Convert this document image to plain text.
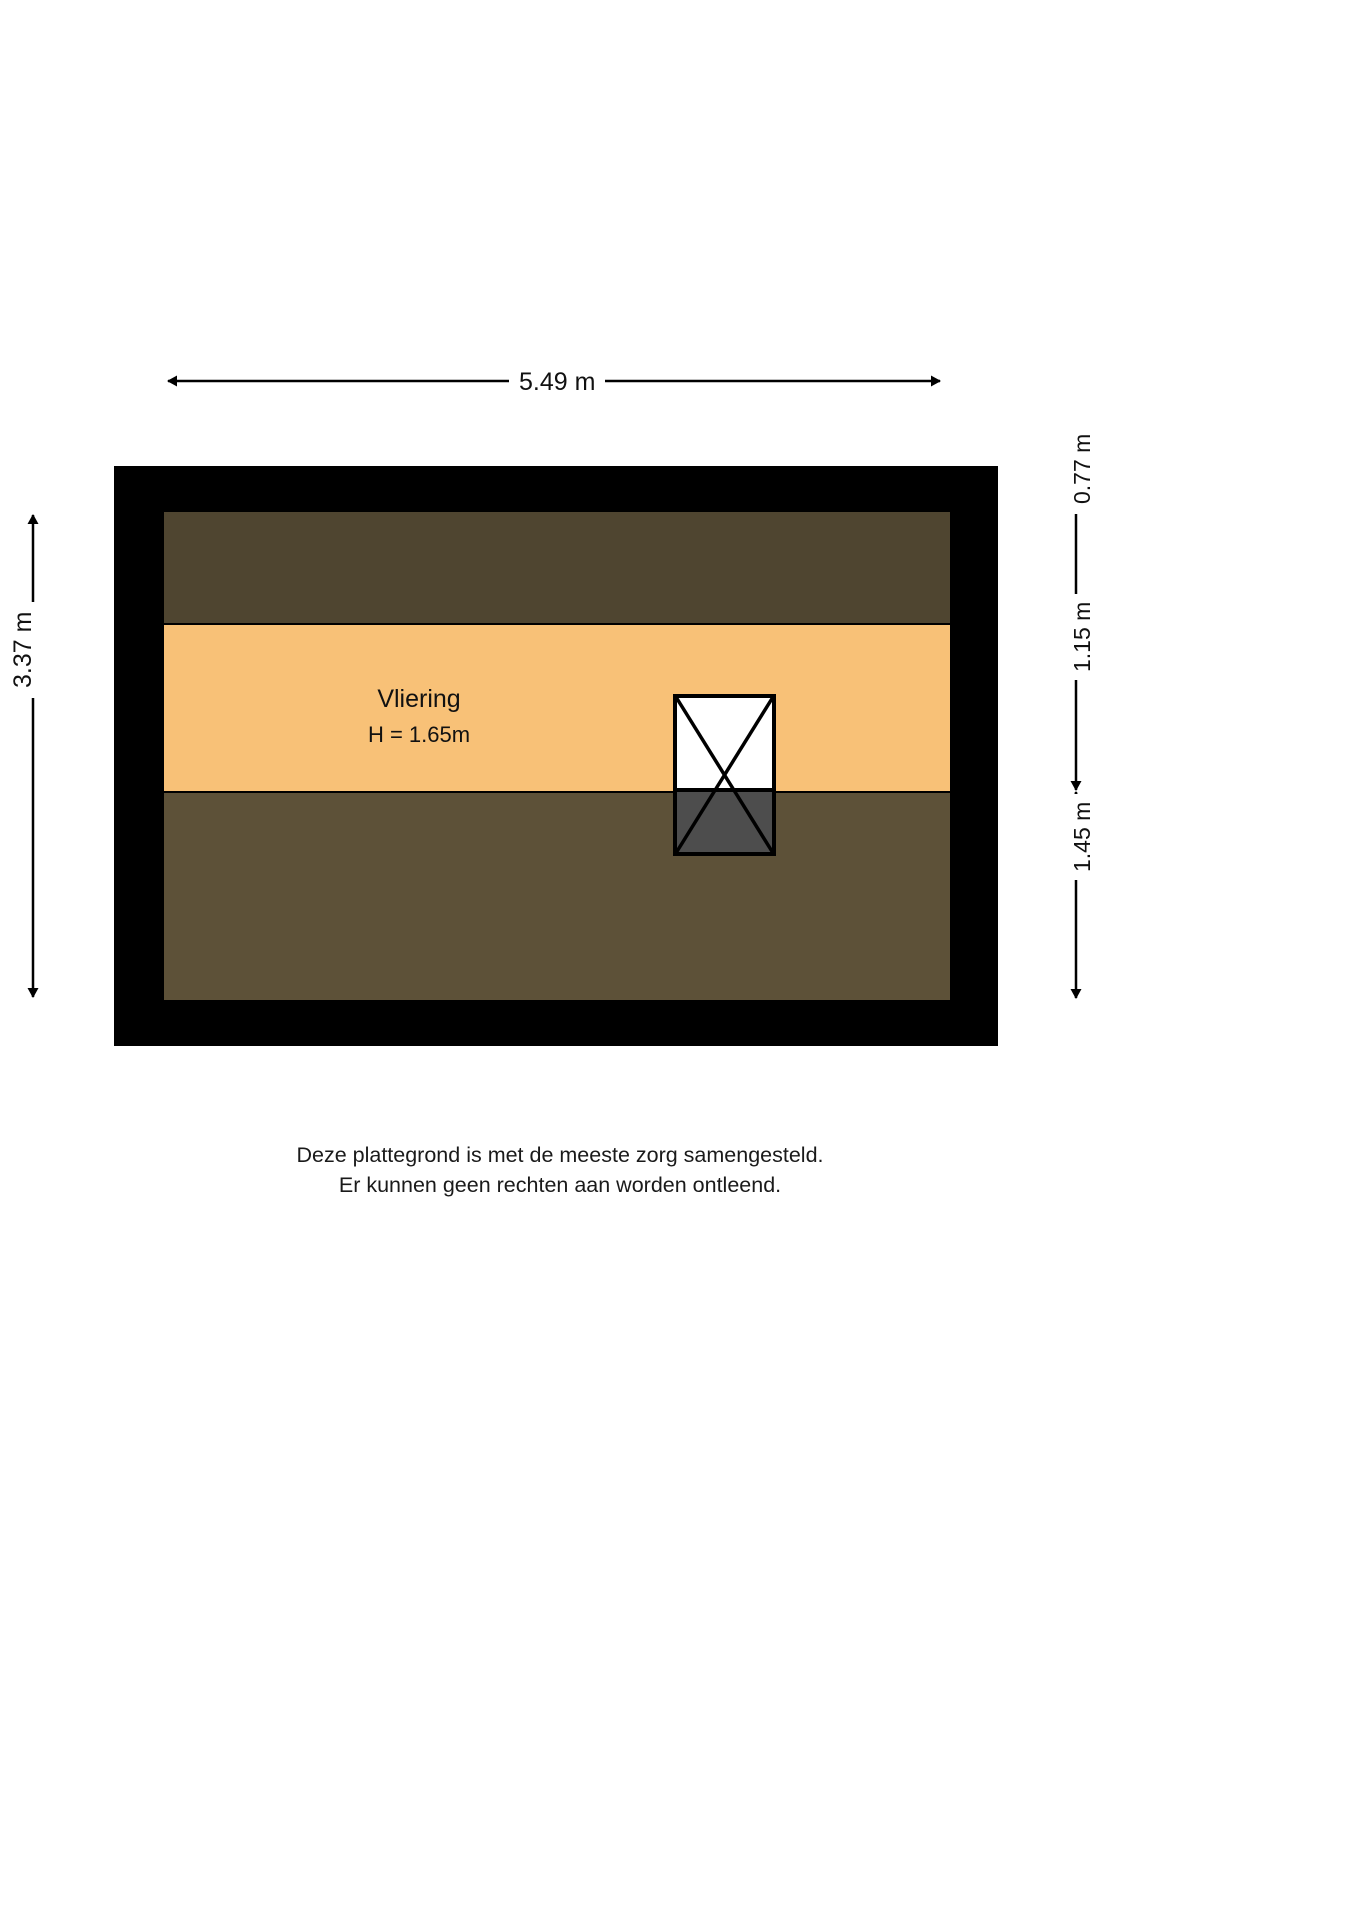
Vliering
H = 1.65m
5.49 m
3.37 m
0.77 m
1.15 m
1.45 m
Deze plattegrond is met de meeste zorg samengesteld.
Er kunnen geen rechten aan worden ontleend.
